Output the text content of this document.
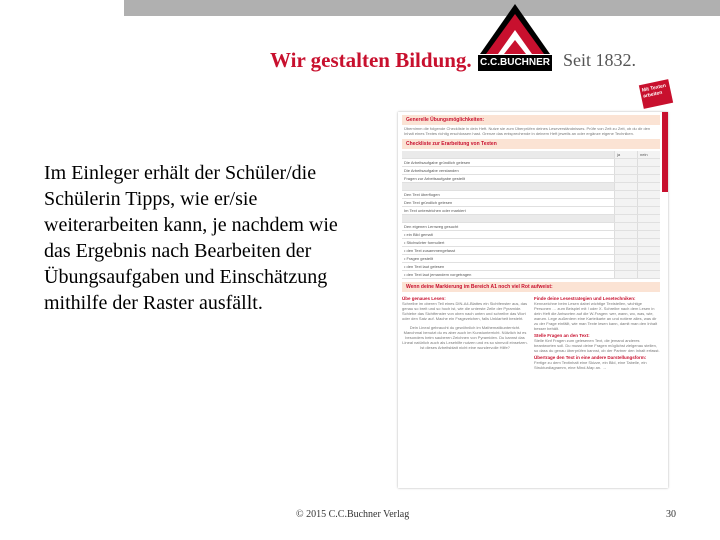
Wir gestalten Bildung. C.C.BUCHNER Seit 1832.
Im Einleger erhält der Schüler/die Schülerin Tipps, wie er/sie weiterarbeiten kann, je nachdem wie das Ergebnis nach Bearbeiten der Übungsaufgaben und Einschätzung mithilfe der Raster ausfällt.
Generelle Übungsmöglichkeiten:
Übernimm die folgende Checkliste in dein Heft. Nutze sie zum Überprüfen deines Leseverständnisses. Prüfe von Zeit zu Zeit, ob du dir den Inhalt eines Textes richtig erschlossen hast. Grenze das entsprechende in deinem Heft jeweils an oder ergänze eigene Techniken.
Checkliste zur Erarbeitung von Texten
	ja	nein
Die Arbeitsaufgabe gründlich gelesen		
Die Arbeitsaufgabe verstanden		
Fragen zur Arbeitsaufgabe gestellt		

Den Text überflogen		
Den Text gründlich gelesen		
Im Text unterstrichen oder markiert		

Den eigenen Lernweg gesucht		
• ein Bild gemalt		
• Stichwörter formuliert		
• den Text zusammengefasst		
• Fragen gestellt		
• den Text laut gelesen		
• den Text laut jemandem vorgetragen		
Wenn deine Markierung im Bereich A1 noch viel Rot aufweist:
Übe genaues Lesen:
Schreibe im oberen Teil eines DIN-A4-Blattes ein Sichtfenster aus, das genau so breit und so hoch ist, wie die unterste Zeile der Pyramide. Schiebe das Sichtfenster von oben nach unten und schreibe das Wort oder den Satz auf. Mache ein Fragezeichen, falls Unklarheit besteht.
Dein Lineal gebraucht du gewöhnlich im Mathematikunterricht. Manchmal benutzt du es aber auch im Kunstunterricht. Nützlich ist es besonders beim sauberen Zeichnen von Pyramiden. Du kannst das Lineal natürlich auch als Lesehilfe nutzen und es so sinnvoll einsetzen. Ist dieses Arbeitsblatt nicht eine wundervolle Hilfe?
Finde deine Lesestrategien und Lesetechniken:
Kennzeichne beim Lesen dabei wichtige Textstellen, wichtige Personen … zum Beispiel mit ! oder X. Schreibe nach dem Lesen in dein Heft die Antworten auf die W-Fragen: wer, wann, wo, was, wie, warum. Lege außerdem eine Karteikarte an und notiere alles, was dir zu der Frage einfällt, wie man Texte lesen kann, damit man den Inhalt besser behält.
Stelle Fragen an den Text:
Stelle fünf Fragen zum gelesenen Text, die jemand anderes beantworten soll. Du musst deine Fragen möglichst zielgenau stellen, so dass du genau überprüfen kannst, ob der Partner den Inhalt erfasst.
Übertrage den Text in eine andere Darstellungsform:
Fertige zu dem Textinhalt eine Skizze, ein Bild, eine Tabelle, ein Strukturdiagramm, eine Mind-Map an. →
Mit Texten arbeiten
© 2015 C.C.Buchner Verlag	30
